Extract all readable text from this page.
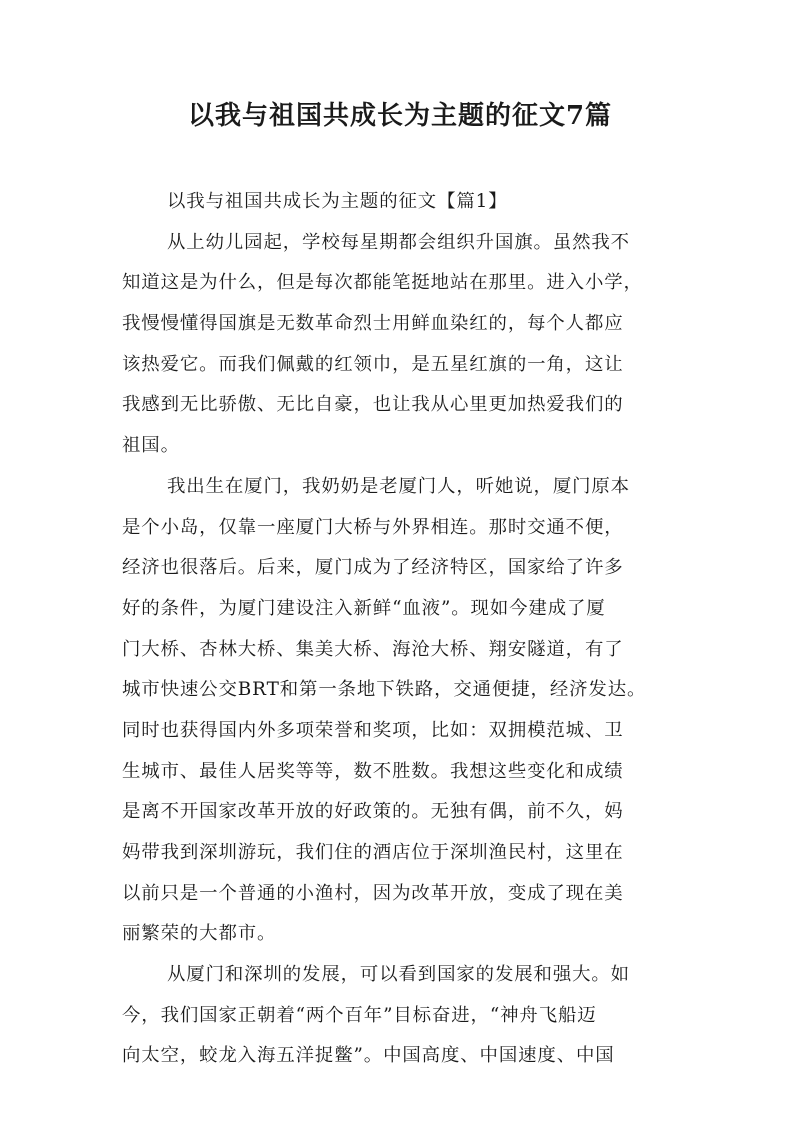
以我与祖国共成长为主题的征文7篇
以我与祖国共成长为主题的征文【篇1】
从上幼儿园起，学校每星期都会组织升国旗。虽然我不
知道这是为什么，但是每次都能笔挺地站在那里。进入小学，
我慢慢懂得国旗是无数革命烈士用鲜血染红的，每个人都应
该热爱它。而我们佩戴的红领巾，是五星红旗的一角，这让
我感到无比骄傲、无比自豪，也让我从心里更加热爱我们的
祖国。
我出生在厦门，我奶奶是老厦门人，听她说，厦门原本
是个小岛，仅靠一座厦门大桥与外界相连。那时交通不便，
经济也很落后。后来，厦门成为了经济特区，国家给了许多
好的条件，为厦门建设注入新鲜“血液”。现如今建成了厦
门大桥、杏林大桥、集美大桥、海沧大桥、翔安隧道，有了
城市快速公交BRT和第一条地下铁路，交通便捷，经济发达。
同时也获得国内外多项荣誉和奖项，比如：双拥模范城、卫
生城市、最佳人居奖等等，数不胜数。我想这些变化和成绩
是离不开国家改革开放的好政策的。无独有偶，前不久，妈
妈带我到深圳游玩，我们住的酒店位于深圳渔民村，这里在
以前只是一个普通的小渔村，因为改革开放，变成了现在美
丽繁荣的大都市。
从厦门和深圳的发展，可以看到国家的发展和强大。如
今，我们国家正朝着“两个百年”目标奋进，“神舟飞船迈
向太空，蛟龙入海五洋捉鳖”。中国高度、中国速度、中国
